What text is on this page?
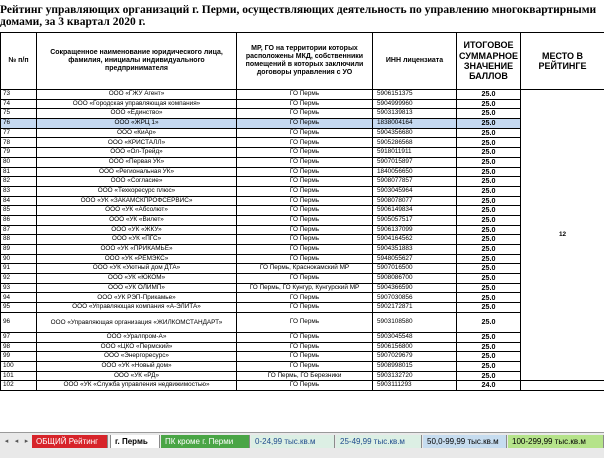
Рейтинг управляющих организаций г. Перми, осуществляющих деятельность по управлению многоквартирными домами, за 3 квартал 2020 г.
№ п/п	Сокращенное наименование юридического лица, фамилия, инициалы индивидуального предпринимателя	МР, ГО на территории которых расположены МКД, собственники помещений в которых заключили договоры управления с УО	ИНН лицензиата	ИТОГОВОЕ СУММАРНОЕ ЗНАЧЕНИЕ БАЛЛОВ	МЕСТО В РЕЙТИНГЕ
73	ООО «ГЖУ Агент»	ГО Пермь	5906151375	25.0	12
74	ООО «Городская управляющая компания»	ГО Пермь	5904999960	25.0	
75	ООО «Единство»	ГО Пермь	5903139813	25.0	
76	ООО «ЖРЦ 1»	ГО Пермь	1838004164	25.0	
77	ООО «КиАр»	ГО Пермь	5904356680	25.0	
78	ООО «КРИСТАЛЛ»	ГО Пермь	5905286568	25.0	
79	ООО «Ол-Трейд»	ГО Пермь	5918011911	25.0	
80	ООО «Первая УК»	ГО Пермь	5907015897	25.0	
81	ООО «Региональная УК»	ГО Пермь	1840056650	25.0	
82	ООО «Согласие»	ГО Пермь	5908077857	25.0	
83	ООО «Техкоресурс плюс»	ГО Пермь	5903045964	25.0	
84	ООО «УК «ЗАКАМСКПРОФСЕРВИС»	ГО Пермь	5908078077	25.0	
85	ООО «УК «Абсолют»	ГО Пермь	5906149834	25.0	
86	ООО «УК «Вилет»	ГО Пермь	5905057517	25.0	
87	ООО «УК «ЖКУ»	ГО Пермь	5906137099	25.0	
88	ООО «УК «ПГС»	ГО Пермь	5904164562	25.0	
89	ООО «УК «ПРИКАМЬЕ»	ГО Пермь	5904351883	25.0	
90	ООО «УК «РЕМЭКС»	ГО Пермь	5948055627	25.0	
91	ООО «УК «Уютный дом ДТА»	ГО Пермь, Краснокамский МР	5907016500	25.0	
92	ООО «УК «ЮКОМ»	ГО Пермь	5908086700	25.0	
93	ООО «УК ОЛИМП»	ГО Пермь, ГО Кунгур, Кунгурский МР	5904366590	25.0	
94	ООО «УК РЭП-Прикамье»	ГО Пермь	5907030856	25.0	
95	ООО «Управляющая компания «А-ЭЛИТА»	ГО Пермь	5902172871	25.0	
96	ООО «Управляющая организация «ЖИЛКОМСТАНДАРТ»	ГО Пермь	5903108580	25.0	
97	ООО «Уралпром-А»	ГО Пермь	5903045548	25.0	
98	ООО «ЦКО «Пермский»	ГО Пермь	5906156800	25.0	
99	ООО «Энергоресурс»	ГО Пермь	5907029679	25.0	
100	ООО «УК «Новый дом»	ГО Пермь	5908998015	25.0	
101	ООО «УК «РД»	ГО Пермь, ГО Березники	5903132720	25.0	
102	ООО «УК «Служба управления недвижимостью»	ГО Пермь	5903111293	24.0	
◂ ◂ ▸ ОБЩИЙ Рейтинг	г. Пермь	ПК кроме г. Перми	0-24,99 тыс.кв.м	25-49,99 тыс.кв.м	50,0-99,99 тыс.кв.м	100-299,99 тыс.кв.м
